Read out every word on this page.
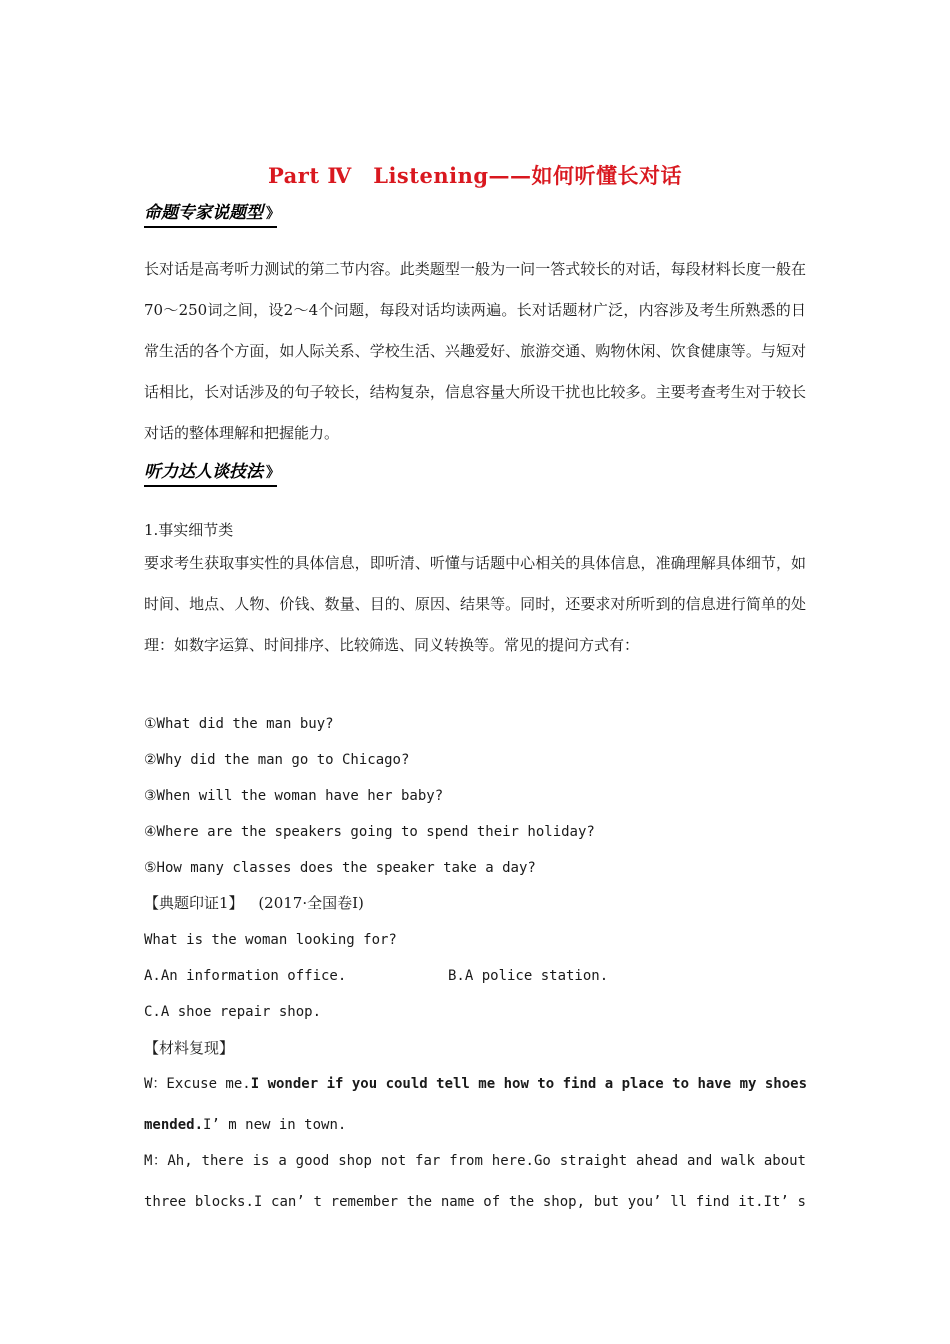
Part Ⅳ　Listening——如何听懂长对话
命题专家说题型 》
长对话是高考听力测试的第二节内容。此类题型一般为一问一答式较长的对话，每段材料长度一般在70～250词之间，设2～4个问题，每段对话均读两遍。长对话题材广泛，内容涉及考生所熟悉的日常生活的各个方面，如人际关系、学校生活、兴趣爱好、旅游交通、购物休闲、饮食健康等。与短对话相比，长对话涉及的句子较长，结构复杂，信息容量大所设干扰也比较多。主要考查考生对于较长对话的整体理解和把握能力。
听力达人谈技法 》
1.事实细节类
要求考生获取事实性的具体信息，即听清、听懂与话题中心相关的具体信息，准确理解具体细节，如时间、地点、人物、价钱、数量、目的、原因、结果等。同时，还要求对所听到的信息进行简单的处理：如数字运算、时间排序、比较筛选、同义转换等。常见的提问方式有：
①What did the man buy?
②Why did the man go to Chicago?
③When will the woman have her baby?
④Where are the speakers going to spend their holiday?
⑤How many classes does the speaker take a day?
【典题印证1】 (2017·全国卷Ⅰ)
What is the woman looking for?
A.An information office.	B.A police station.
C.A shoe repair shop.
【材料复现】
W：Excuse me.I wonder if you could tell me how to find a place to have my shoes
mended.I’ m new in town.
M：Ah, there is a good shop not far from here.Go straight ahead and walk about
three blocks.I can’ t remember the name of the shop, but you’ ll find it.It’ s
